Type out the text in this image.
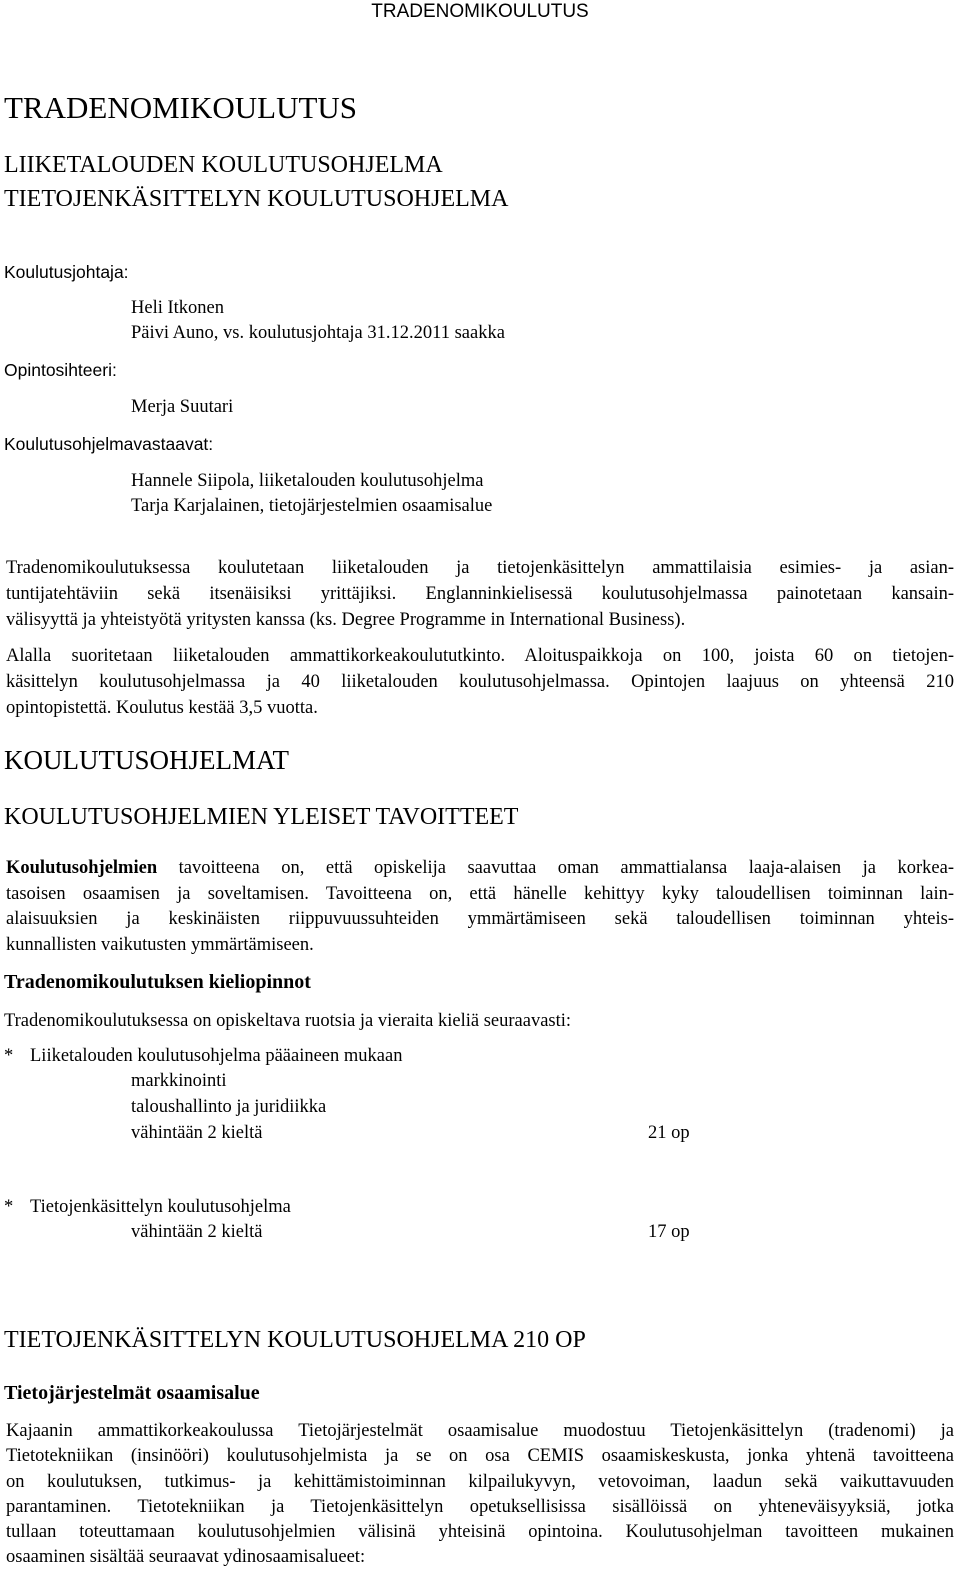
TRADENOMIKOULUTUS
TRADENOMIKOULUTUS
LIIKETALOUDEN KOULUTUSOHJELMA
TIETOJENKÄSITTELYN KOULUTUSOHJELMA
Koulutusjohtaja:
Heli Itkonen
Päivi Auno, vs. koulutusjohtaja 31.12.2011 saakka
Opintosihteeri:
Merja Suutari
Koulutusohjelmavastaavat:
Hannele Siipola, liiketalouden koulutusohjelma
Tarja Karjalainen, tietojärjestelmien osaamisalue
Tradenomikoulutuksessa koulutetaan liiketalouden ja tietojenkäsittelyn ammattilaisia esimies- ja asian-
tuntijatehtäviin sekä itsenäisiksi yrittäjiksi. Englanninkielisessä koulutusohjelmassa painotetaan kansain-
välisyyttä ja yhteistyötä yritysten kanssa (ks. Degree Programme in International Business).
Alalla suoritetaan liiketalouden ammattikorkeakoulututkinto. Aloituspaikkoja on 100, joista 60 on tietojen-
käsittelyn koulutusohjelmassa ja 40 liiketalouden koulutusohjelmassa. Opintojen laajuus on yhteensä 210
opintopistettä. Koulutus kestää 3,5 vuotta.
KOULUTUSOHJELMAT
KOULUTUSOHJELMIEN YLEISET TAVOITTEET
Koulutusohjelmien tavoitteena on, että opiskelija saavuttaa oman ammattialansa laaja-alaisen ja korkea-
tasoisen osaamisen ja soveltamisen. Tavoitteena on, että hänelle kehittyy kyky taloudellisen toiminnan lain-
alaisuuksien ja keskinäisten riippuvuussuhteiden ymmärtämiseen sekä taloudellisen toiminnan yhteis-
kunnallisten vaikutusten ymmärtämiseen.
Tradenomikoulutuksen kieliopinnot
Tradenomikoulutuksessa on opiskeltava ruotsia ja vieraita kieliä seuraavasti:
* Liiketalouden koulutusohjelma pääaineen mukaan
markkinointi
taloushallinto ja juridiikka
vähintään 2 kieltä	21 op
* Tietojenkäsittelyn koulutusohjelma
vähintään 2 kieltä	17 op
TIETOJENKÄSITTELYN KOULUTUSOHJELMA 210 OP
Tietojärjestelmät osaamisalue
Kajaanin ammattikorkeakoulussa Tietojärjestelmät osaamisalue muodostuu Tietojenkäsittelyn (tradenomi) ja
Tietotekniikan (insinööri) koulutusohjelmista ja se on osa CEMIS osaamiskeskusta, jonka yhtenä tavoitteena
on koulutuksen, tutkimus- ja kehittämistoiminnan kilpailukyvyn, vetovoiman, laadun sekä vaikuttavuuden
parantaminen. Tietotekniikan ja Tietojenkäsittelyn opetuksellisissa sisällöissä on yhteneväisyyksiä, jotka
tullaan toteuttamaan koulutusohjelmien välisinä yhteisinä opintoina. Koulutusohjelman tavoitteen mukainen
osaaminen sisältää seuraavat ydinosaamisalueet:
